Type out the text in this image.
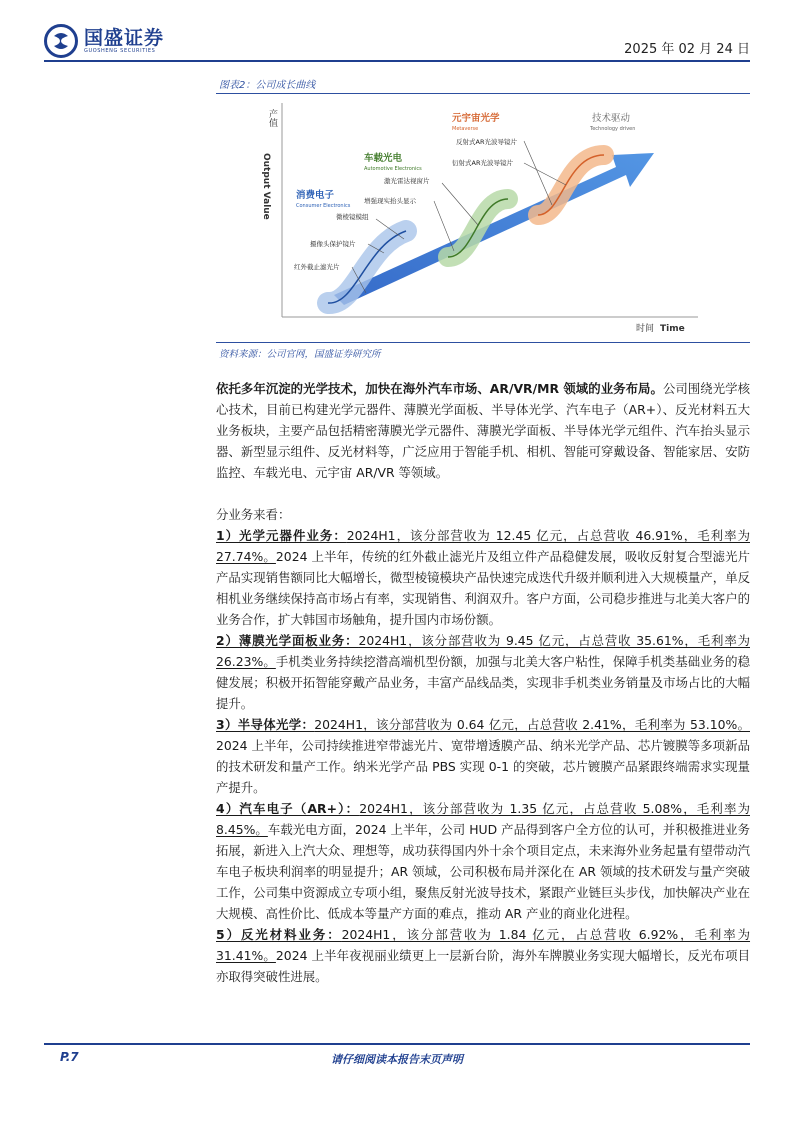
国盛证券
GUOSHENG SECURITIES	2025 年 02 月 24 日
图表2：公司成长曲线
产值
Output Value
时间 Time
消费电子
Consumer Electronics
车载光电
Automotive Electronics
元宇宙光学
Metaverse
技术驱动
Technology driven
红外截止滤光片
摄像头保护镜片
微棱镜模组
增强现实抬头显示
激光雷达视窗片
反射式AR光波导镜片
衍射式AR光波导镜片
资料来源：公司官网，国盛证券研究所

依托多年沉淀的光学技术，加快在海外汽车市场、AR/VR/MR 领域的业务布局。公司围绕光学核心技术，目前已构建光学元器件、薄膜光学面板、半导体光学、汽车电子（AR+）、反光材料五大业务板块，主要产品包括精密薄膜光学元器件、薄膜光学面板、半导体光学元组件、汽车抬头显示器、新型显示组件、反光材料等，广泛应用于智能手机、相机、智能可穿戴设备、智能家居、安防监控、车载光电、元宇宙 AR/VR 等领域。

分业务来看：

1）光学元器件业务：2024H1，该分部营收为 12.45 亿元，占总营收 46.91%，毛利率为 27.74%。2024 上半年，传统的红外截止滤光片及组立件产品稳健发展，吸收反射复合型滤光片产品实现销售额同比大幅增长，微型棱镜模块产品快速完成迭代升级并顺利进入大规模量产，单反相机业务继续保持高市场占有率，实现销售、利润双升。客户方面，公司稳步推进与北美大客户的业务合作，扩大韩国市场触角，提升国内市场份额。

2）薄膜光学面板业务：2024H1，该分部营收为 9.45 亿元，占总营收 35.61%，毛利率为 26.23%。手机类业务持续挖潜高端机型份额，加强与北美大客户粘性，保障手机类基础业务的稳健发展；积极开拓智能穿戴产品业务，丰富产品线品类，实现非手机类业务销量及市场占比的大幅提升。

3）半导体光学：2024H1，该分部营收为 0.64 亿元，占总营收 2.41%，毛利率为 53.10%。2024 上半年，公司持续推进窄带滤光片、宽带增透膜产品、纳米光学产品、芯片镀膜等多项新品的技术研发和量产工作。纳米光学产品 PBS 实现 0-1 的突破，芯片镀膜产品紧跟终端需求实现量产提升。

4）汽车电子（AR+）：2024H1，该分部营收为 1.35 亿元，占总营收 5.08%，毛利率为 8.45%。车载光电方面，2024 上半年，公司 HUD 产品得到客户全方位的认可，并积极推进业务拓展，新进入上汽大众、理想等，成功获得国内外十余个项目定点，未来海外业务起量有望带动汽车电子板块利润率的明显提升；AR 领域，公司积极布局并深化在 AR 领域的技术研发与量产突破工作，公司集中资源成立专项小组，聚焦反射光波导技术，紧跟产业链巨头步伐，加快解决产业在大规模、高性价比、低成本等量产方面的难点，推动 AR 产业的商业化进程。

5）反光材料业务：2024H1，该分部营收为 1.84 亿元，占总营收 6.92%，毛利率为 31.41%。2024 上半年夜视丽业绩更上一层新台阶，海外车牌膜业务实现大幅增长，反光布项目亦取得突破性进展。

P.7	请仔细阅读本报告末页声明
